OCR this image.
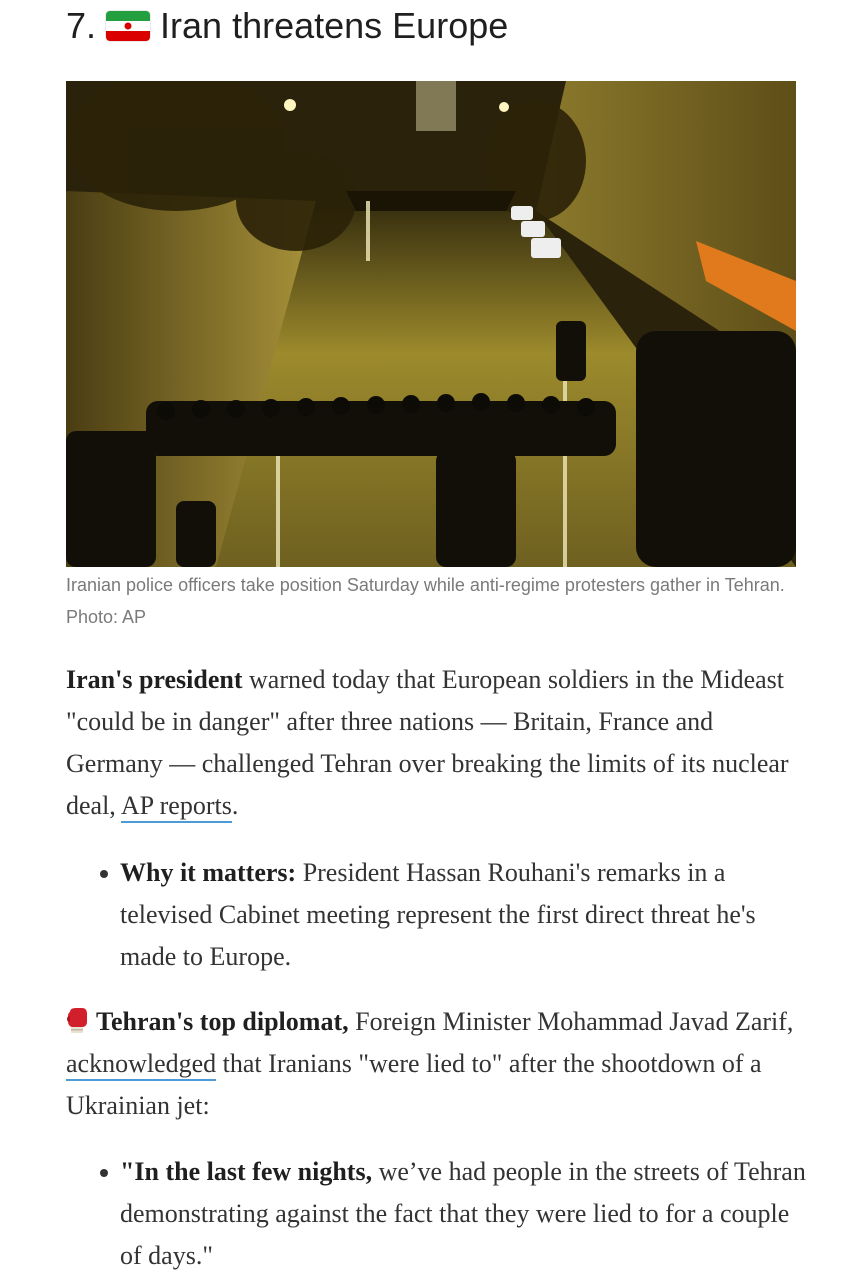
7. Iran threatens Europe
Iranian police officers take position Saturday while anti-regime protesters gather in Tehran. Photo: AP
Iran's president warned today that European soldiers in the Mideast "could be in danger" after three nations — Britain, France and Germany — challenged Tehran over breaking the limits of its nuclear deal, AP reports.
Why it matters: President Hassan Rouhani's remarks in a televised Cabinet meeting represent the first direct threat he's made to Europe.
Tehran's top diplomat, Foreign Minister Mohammad Javad Zarif, acknowledged that Iranians "were lied to" after the shootdown of a Ukrainian jet:
"In the last few nights, we’ve had people in the streets of Tehran demonstrating against the fact that they were lied to for a couple of days."
